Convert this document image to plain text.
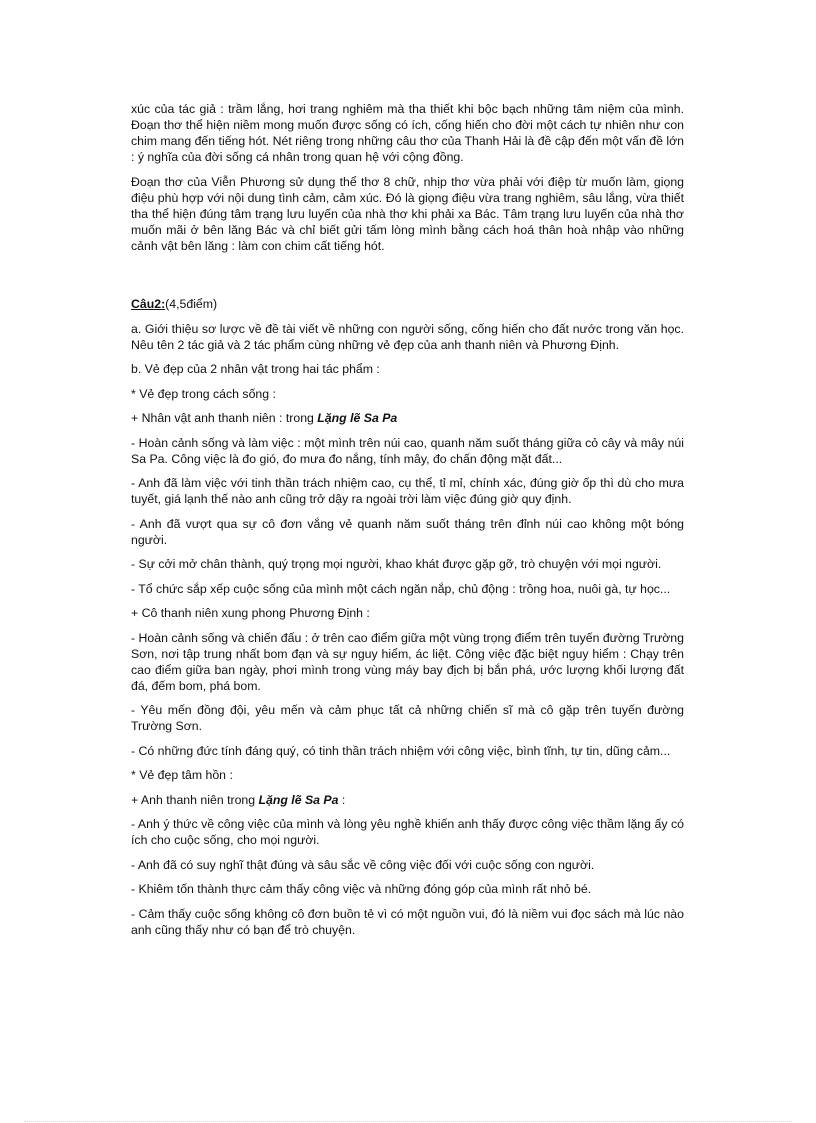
xúc của tác giả : trầm lắng, hơi trang nghiêm mà tha thiết khi bộc bạch những tâm niệm của mình. Đoạn thơ thể hiện niềm mong muốn được sống có ích, cống hiến cho đời một cách tự nhiên như con chim mang đến tiếng hót. Nét riêng trong những câu thơ của Thanh Hải là đề cập đến một vấn đề lớn : ý nghĩa của đời sống cá nhân trong quan hệ với cộng đồng.

Đoạn thơ của Viễn Phương sử dụng thể thơ 8 chữ, nhịp thơ vừa phải với điệp từ muốn làm, giọng điệu phù hợp với nội dung tình cảm, cảm xúc. Đó là giọng điệu vừa trang nghiêm, sâu lắng, vừa thiết tha thể hiện đúng tâm trạng lưu luyến của nhà thơ khi phải xa Bác. Tâm trạng lưu luyến của nhà thơ muốn mãi ở bên lăng Bác và chỉ biết gửi tấm lòng mình bằng cách hoá thân hoà nhập vào những cảnh vật bên lăng : làm con chim cất tiếng hót.

Câu2:(4,5điểm)

a. Giới thiệu sơ lược về đề tài viết về những con người sống, cống hiến cho đất nước trong văn học. Nêu tên 2 tác giả và 2 tác phẩm cùng những vẻ đẹp của anh thanh niên và Phương Định.

b. Vẻ đẹp của 2 nhân vật trong hai tác phẩm :

* Vẻ đẹp trong cách sống :

+ Nhân vật anh thanh niên : trong Lặng lẽ Sa Pa

- Hoàn cảnh sống và làm việc : một mình trên núi cao, quanh năm suốt tháng giữa cỏ cây và mây núi Sa Pa. Công việc là đo gió, đo mưa đo nắng, tính mây, đo chấn động mặt đất...

- Anh đã làm việc với tinh thần trách nhiệm cao, cụ thể, tỉ mỉ, chính xác, đúng giờ ốp thì dù cho mưa tuyết, giá lạnh thế nào anh cũng trở dậy ra ngoài trời làm việc đúng giờ quy định.

- Anh đã vượt qua sự cô đơn vắng vẻ quanh năm suốt tháng trên đỉnh núi cao không một bóng người.

- Sự cởi mở chân thành, quý trọng mọi người, khao khát được gặp gỡ, trò chuyện với mọi người.

- Tổ chức sắp xếp cuộc sống của mình một cách ngăn nắp, chủ động : trồng hoa, nuôi gà, tự học...

+ Cô thanh niên xung phong Phương Định :

- Hoàn cảnh sống và chiến đấu : ở trên cao điểm giữa một vùng trọng điểm trên tuyến đường Trường Sơn, nơi tập trung nhất bom đạn và sự nguy hiểm, ác liệt. Công việc đặc biệt nguy hiểm : Chạy trên cao điểm giữa ban ngày, phơi mình trong vùng máy bay địch bị bắn phá, ước lượng khối lượng đất đá, đếm bom, phá bom.

- Yêu mến đồng đội, yêu mến và cảm phục tất cả những chiến sĩ mà cô gặp trên tuyến đường Trường Sơn.

- Có những đức tính đáng quý, có tinh thần trách nhiệm với công việc, bình tĩnh, tự tin, dũng cảm...

* Vẻ đẹp tâm hồn :

+ Anh thanh niên trong Lặng lẽ Sa Pa :

- Anh ý thức về công việc của mình và lòng yêu nghề khiến anh thấy được công việc thầm lặng ấy có ích cho cuộc sống, cho mọi người.

- Anh đã có suy nghĩ thật đúng và sâu sắc về công việc đối với cuộc sống con người.

- Khiêm tốn thành thực cảm thấy công việc và những đóng góp của mình rất nhỏ bé.

- Cảm thấy cuộc sống không cô đơn buồn tẻ vì có một nguồn vui, đó là niềm vui đọc sách mà lúc nào anh cũng thấy như có bạn để trò chuyện.
